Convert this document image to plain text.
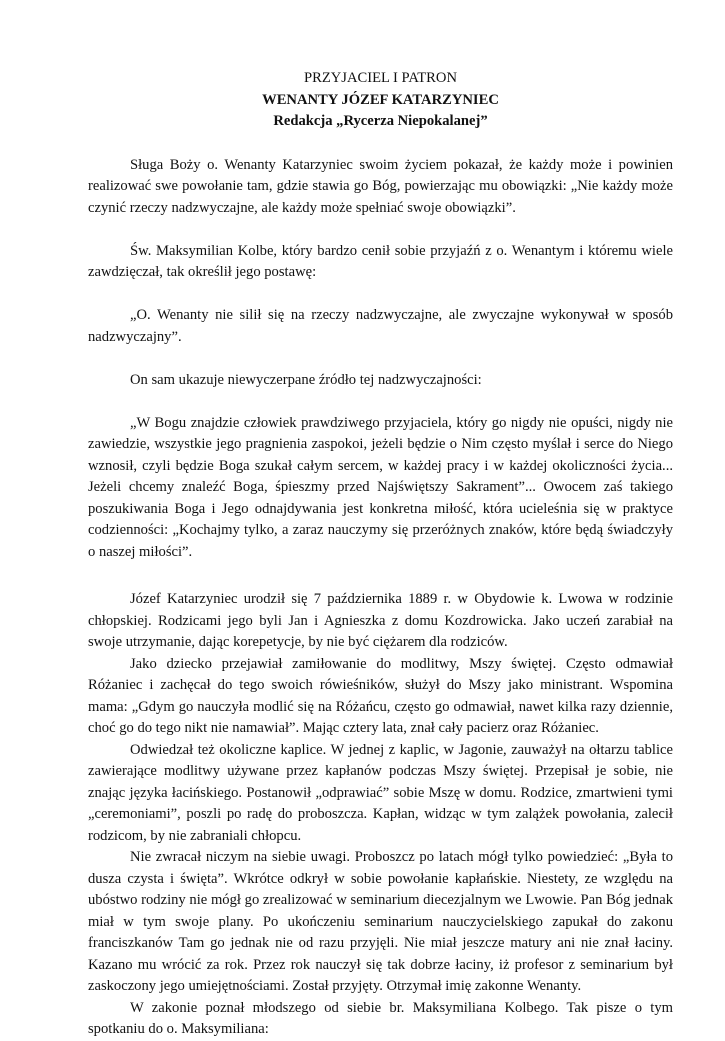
PRZYJACIEL I PATRON
WENANTY JÓZEF KATARZYNIEC
Redakcja „Rycerza Niepokalanej”

Sługa Boży o. Wenanty Katarzyniec swoim życiem pokazał, że każdy może i powinien realizować swe powołanie tam, gdzie stawia go Bóg, powierzając mu obowiązki: „Nie każdy może czynić rzeczy nadzwyczajne, ale każdy może spełniać swoje obowiązki”.

Św. Maksymilian Kolbe, który bardzo cenił sobie przyjaźń z o. Wenantym i któremu wiele zawdzięczał, tak określił jego postawę:

„O. Wenanty nie silił się na rzeczy nadzwyczajne, ale zwyczajne wykonywał w sposób nadzwyczajny”.

On sam ukazuje niewyczerpane źródło tej nadzwyczajności:

„W Bogu znajdzie człowiek prawdziwego przyjaciela, który go nigdy nie opuści, nigdy nie zawiedzie, wszystkie jego pragnienia zaspokoi, jeżeli będzie o Nim często myślał i serce do Niego wznosił, czyli będzie Boga szukał całym sercem, w każdej pracy i w każdej okoliczności życia... Jeżeli chcemy znaleźć Boga, śpieszmy przed Najświętszy Sakrament”... Owocem zaś takiego poszukiwania Boga i Jego odnajdywania jest konkretna miłość, która ucieleśnia się w praktyce codzienności: „Kochajmy tylko, a zaraz nauczymy się przeróżnych znaków, które będą świadczyły o naszej miłości”.

Józef Katarzyniec urodził się 7 października 1889 r. w Obydowie k. Lwowa w rodzinie chłopskiej. Rodzicami jego byli Jan i Agnieszka z domu Kozdrowicka. Jako uczeń zarabiał na swoje utrzymanie, dając korepetycje, by nie być ciężarem dla rodziców.

Jako dziecko przejawiał zamiłowanie do modlitwy, Mszy świętej. Często odmawiał Różaniec i zachęcał do tego swoich rówieśników, służył do Mszy jako ministrant. Wspomina mama: „Gdym go nauczyła modlić się na Różańcu, często go odmawiał, nawet kilka razy dziennie, choć go do tego nikt nie namawiał”. Mając cztery lata, znał cały pacierz oraz Różaniec.

Odwiedzał też okoliczne kaplice. W jednej z kaplic, w Jagonie, zauważył na ołtarzu tablice zawierające modlitwy używane przez kapłanów podczas Mszy świętej. Przepisał je sobie, nie znając języka łacińskiego. Postanowił „odprawiać” sobie Mszę w domu. Rodzice, zmartwieni tymi „ceremoniami”, poszli po radę do proboszcza. Kapłan, widząc w tym zalążek powołania, zalecił rodzicom, by nie zabraniali chłopcu.

Nie zwracał niczym na siebie uwagi. Proboszcz po latach mógł tylko powiedzieć: „Była to dusza czysta i święta”. Wkrótce odkrył w sobie powołanie kapłańskie. Niestety, ze względu na ubóstwo rodziny nie mógł go zrealizować w seminarium diecezjalnym we Lwowie. Pan Bóg jednak miał w tym swoje plany. Po ukończeniu seminarium nauczycielskiego zapukał do zakonu franciszkanów Tam go jednak nie od razu przyjęli. Nie miał jeszcze matury ani nie znał łaciny. Kazano mu wrócić za rok. Przez rok nauczył się tak dobrze łaciny, iż profesor z seminarium był zaskoczony jego umiejętnościami. Został przyjęty. Otrzymał imię zakonne Wenanty.

W zakonie poznał młodszego od siebie br. Maksymiliana Kolbego. Tak pisze o tym spotkaniu do o. Maksymiliana:
